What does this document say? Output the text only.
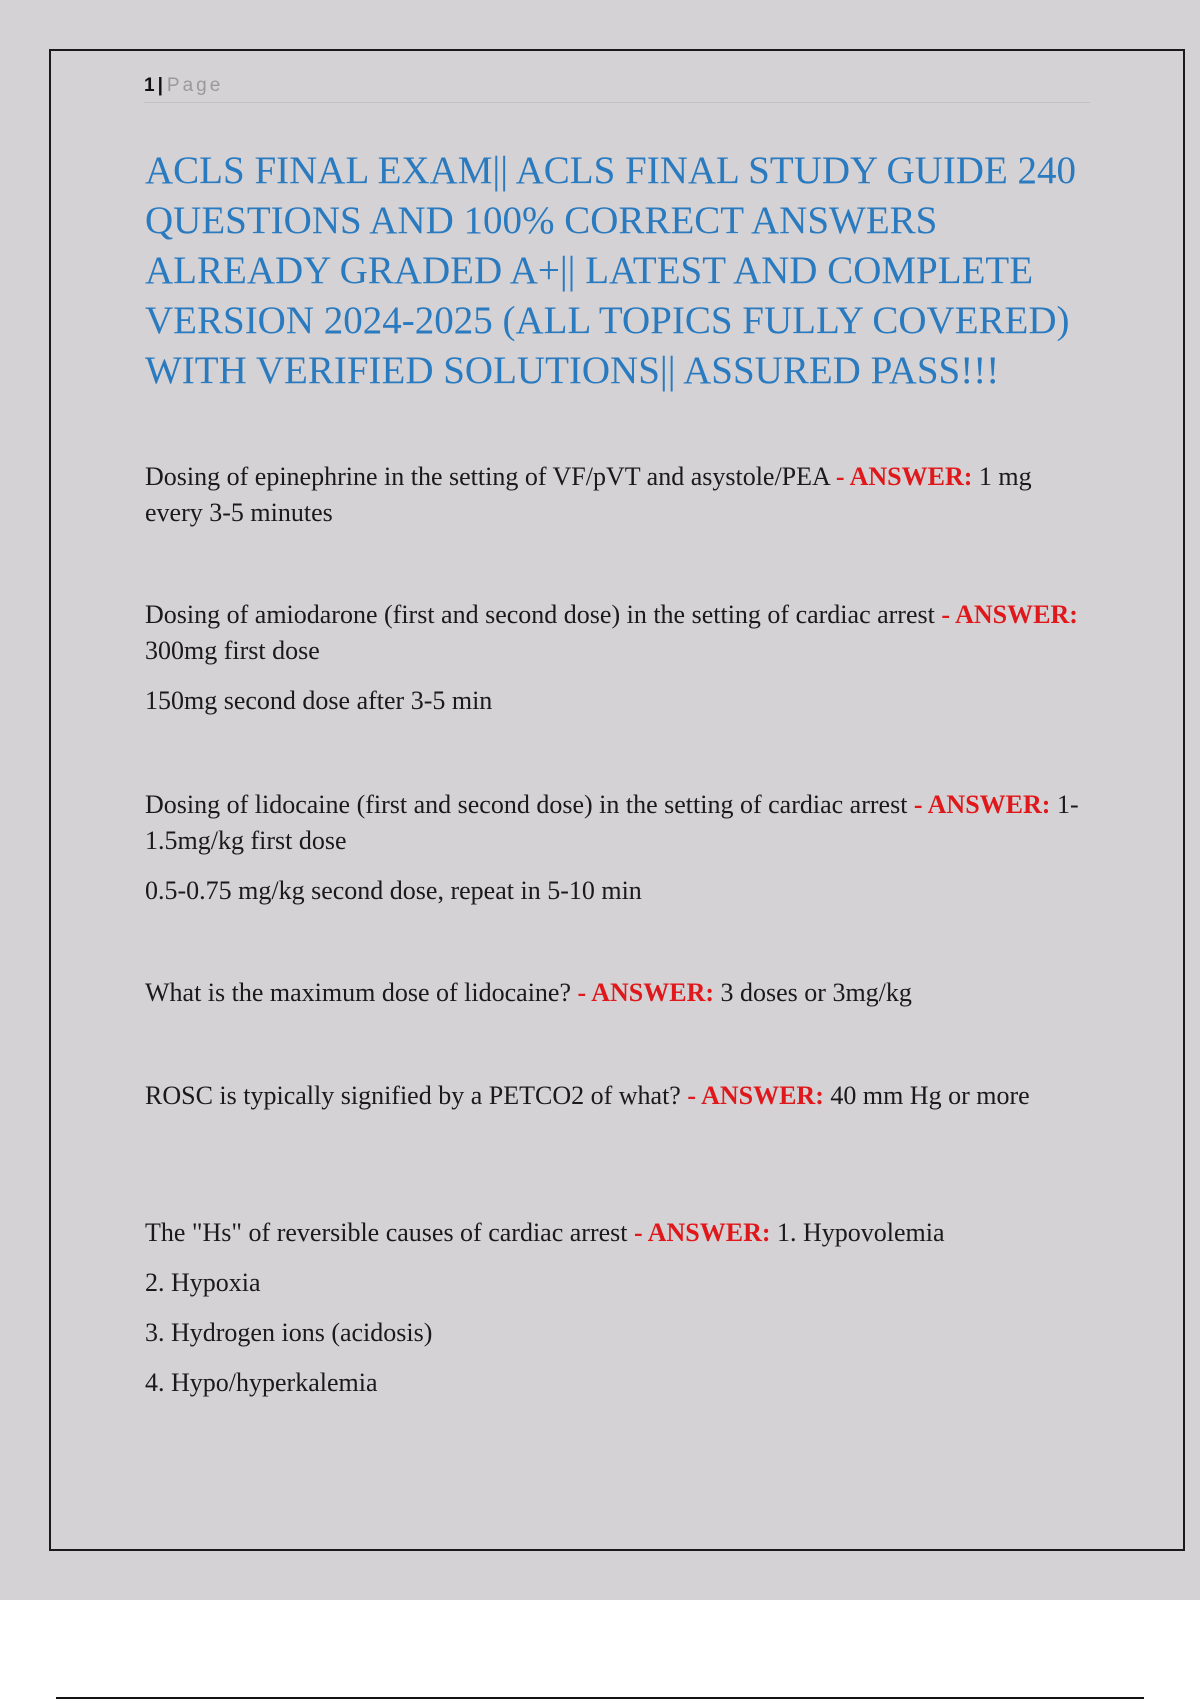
1 | Page
ACLS FINAL EXAM|| ACLS FINAL STUDY GUIDE 240 QUESTIONS AND 100% CORRECT ANSWERS ALREADY GRADED A+|| LATEST AND COMPLETE VERSION 2024-2025 (ALL TOPICS FULLY COVERED) WITH VERIFIED SOLUTIONS|| ASSURED PASS!!!

Dosing of epinephrine in the setting of VF/pVT and asystole/PEA - ANSWER: 1 mg every 3-5 minutes

Dosing of amiodarone (first and second dose) in the setting of cardiac arrest - ANSWER: 300mg first dose

150mg second dose after 3-5 min

Dosing of lidocaine (first and second dose) in the setting of cardiac arrest - ANSWER: 1-1.5mg/kg first dose

0.5-0.75 mg/kg second dose, repeat in 5-10 min

What is the maximum dose of lidocaine? - ANSWER: 3 doses or 3mg/kg

ROSC is typically signified by a PETCO2 of what? - ANSWER: 40 mm Hg or more

The "Hs" of reversible causes of cardiac arrest - ANSWER: 1. Hypovolemia

2. Hypoxia

3. Hydrogen ions (acidosis)

4. Hypo/hyperkalemia
